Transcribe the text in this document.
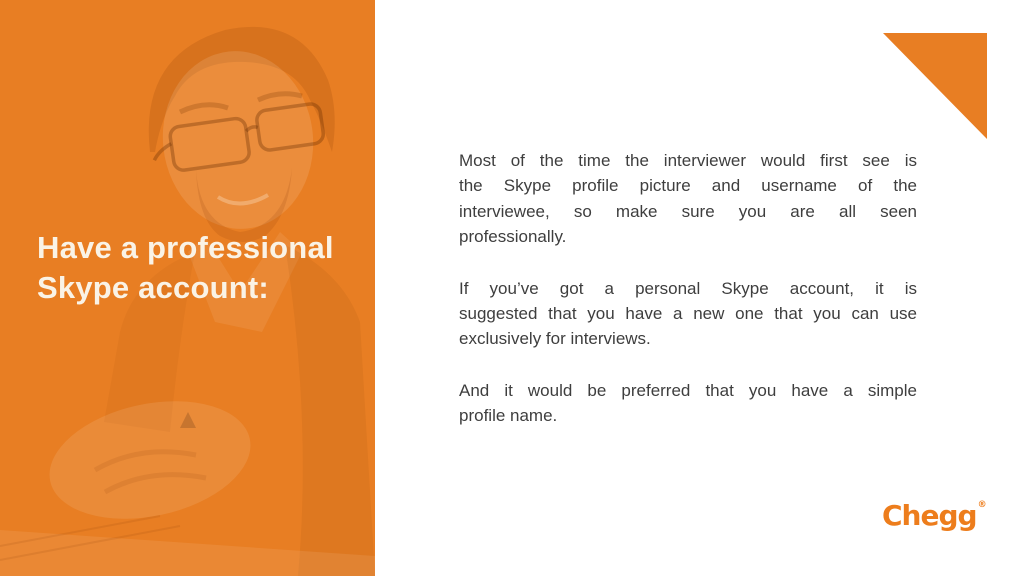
Have a professional
Skype account:
Most of the time the interviewer would first see is
the Skype profile picture and username of the
interviewee, so make sure you are all seen
professionally.
If you’ve got a personal Skype account, it is
suggested that you have a new one that you can use
exclusively for interviews.
And it would be preferred that you have a simple
profile name.
Chegg®
